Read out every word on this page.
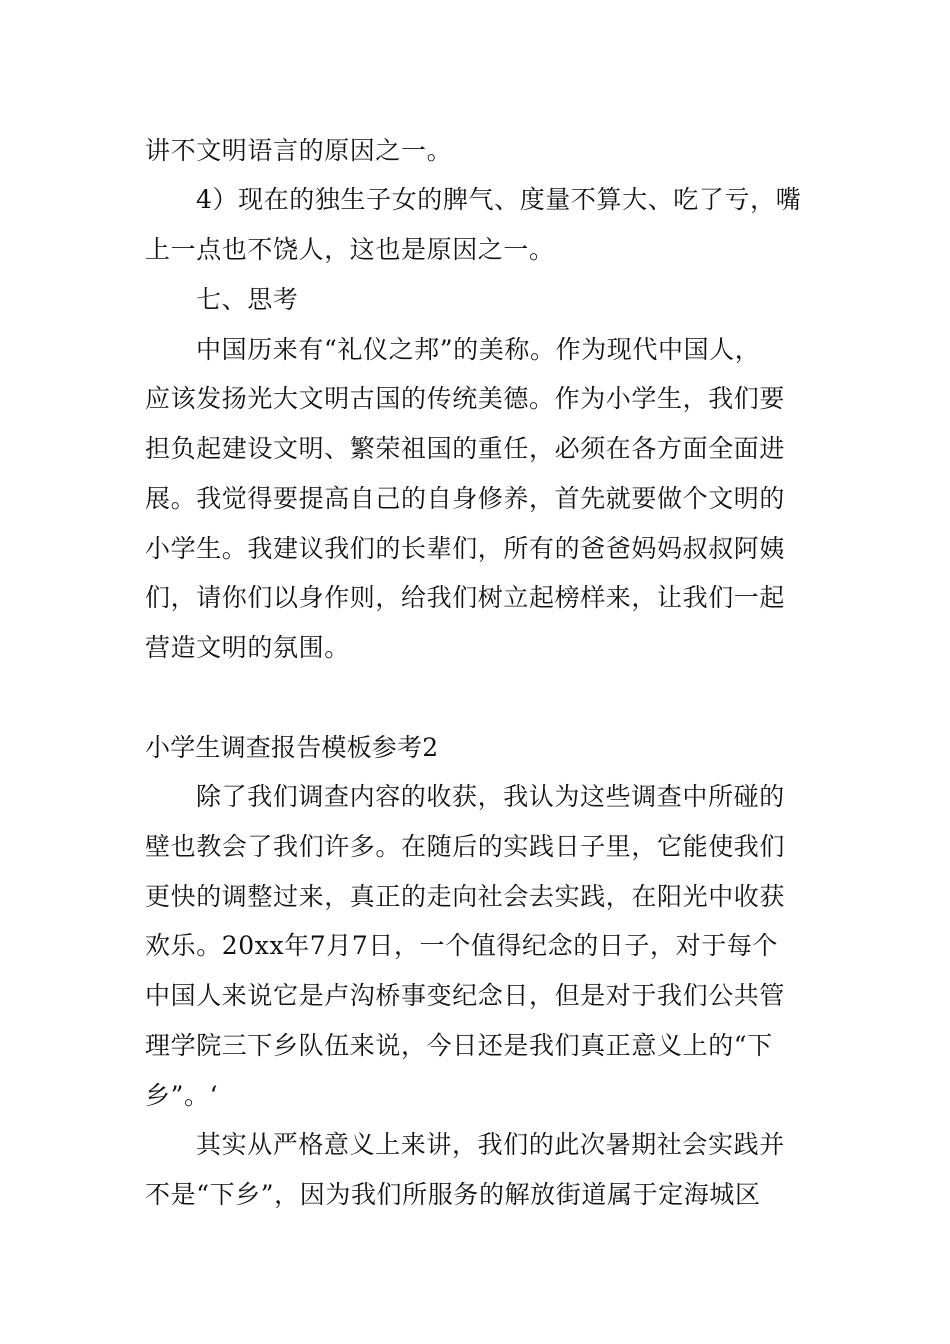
讲不文明语言的原因之一。
4）现在的独生子女的脾气、度量不算大、吃了亏，嘴
上一点也不饶人，这也是原因之一。
七、思考
中国历来有“礼仪之邦”的美称。作为现代中国人，
应该发扬光大文明古国的传统美德。作为小学生，我们要
担负起建设文明、繁荣祖国的重任，必须在各方面全面进
展。我觉得要提高自己的自身修养，首先就要做个文明的
小学生。我建议我们的长辈们，所有的爸爸妈妈叔叔阿姨
们，请你们以身作则，给我们树立起榜样来，让我们一起
营造文明的氛围。
小学生调查报告模板参考2
除了我们调查内容的收获，我认为这些调查中所碰的
壁也教会了我们许多。在随后的实践日子里，它能使我们
更快的调整过来，真正的走向社会去实践，在阳光中收获
欢乐。20xx年7月7日，一个值得纪念的日子，对于每个
中国人来说它是卢沟桥事变纪念日，但是对于我们公共管
理学院三下乡队伍来说，今日还是我们真正意义上的“下
乡”。‘
其实从严格意义上来讲，我们的此次暑期社会实践并
不是“下乡”，因为我们所服务的解放街道属于定海城区
